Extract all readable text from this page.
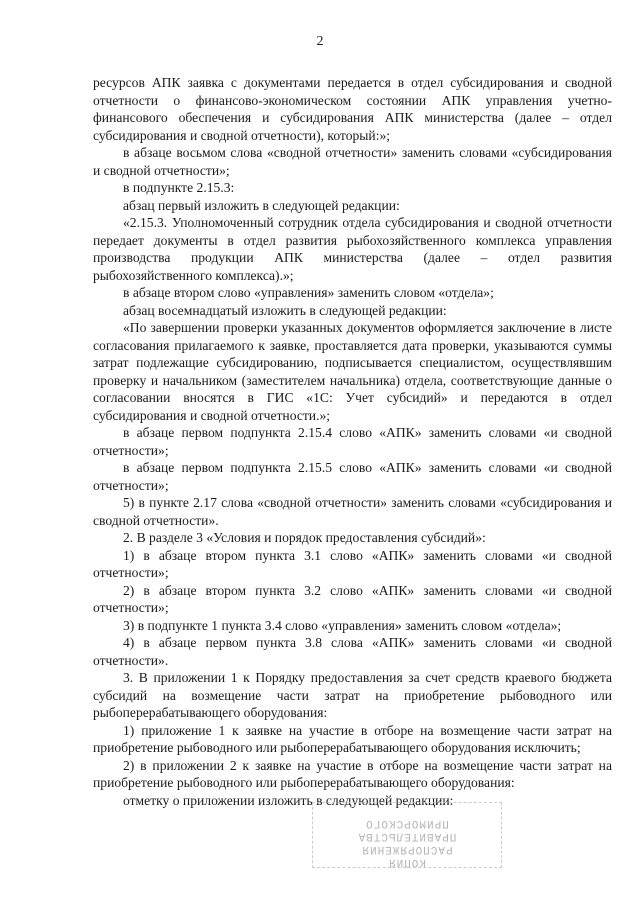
2

ресурсов АПК заявка с документами передается в отдел субсидирования и сводной отчетности о финансово-экономическом состоянии АПК управления учетно-финансового обеспечения и субсидирования АПК министерства (далее – отдел субсидирования и сводной отчетности), который:»;

в абзаце восьмом слова «сводной отчетности» заменить словами «субсидирования и сводной отчетности»;

в подпункте 2.15.3:

абзац первый изложить в следующей редакции:

«2.15.3. Уполномоченный сотрудник отдела субсидирования и сводной отчетности передает документы в отдел развития рыбохозяйственного комплекса управления производства продукции АПК министерства (далее – отдел развития рыбохозяйственного комплекса).»;

в абзаце втором слово «управления» заменить словом «отдела»;

абзац восемнадцатый изложить в следующей редакции:

«По завершении проверки указанных документов оформляется заключение в листе согласования прилагаемого к заявке, проставляется дата проверки, указываются суммы затрат подлежащие субсидированию, подписывается специалистом, осуществлявшим проверку и начальником (заместителем начальника) отдела, соответствующие данные о согласовании вносятся в ГИС «1С: Учет субсидий» и передаются в отдел субсидирования и сводной отчетности.»;

в абзаце первом подпункта 2.15.4 слово «АПК» заменить словами «и сводной отчетности»;

в абзаце первом подпункта 2.15.5 слово «АПК» заменить словами «и сводной отчетности»;

5) в пункте 2.17 слова «сводной отчетности» заменить словами «субсидирования и сводной отчетности».

2. В разделе 3 «Условия и порядок предоставления субсидий»:

1) в абзаце втором пункта 3.1 слово «АПК» заменить словами «и сводной отчетности»;

2) в абзаце втором пункта 3.2 слово «АПК» заменить словами «и сводной отчетности»;

3) в подпункте 1 пункта 3.4 слово «управления» заменить словом «отдела»;

4) в абзаце первом пункта 3.8 слова «АПК» заменить словами «и сводной отчетности».

3. В приложении 1 к Порядку предоставления за счет средств краевого бюджета субсидий на возмещение части затрат на приобретение рыбоводного или рыбоперерабатывающего оборудования:

1) приложение 1 к заявке на участие в отборе на возмещение части затрат на приобретение рыбоводного или рыбоперерабатывающего оборудования исключить;

2) в приложении 2 к заявке на участие в отборе на возмещение части затрат на приобретение рыбоводного или рыбоперерабатывающего оборудования:

отметку о приложении изложить в следующей редакции:

КОПИЯ
РАСПОРЯЖЕНИЯ ПРАВИТЕЛЬСТВА
ПРИМОРСКОГО
